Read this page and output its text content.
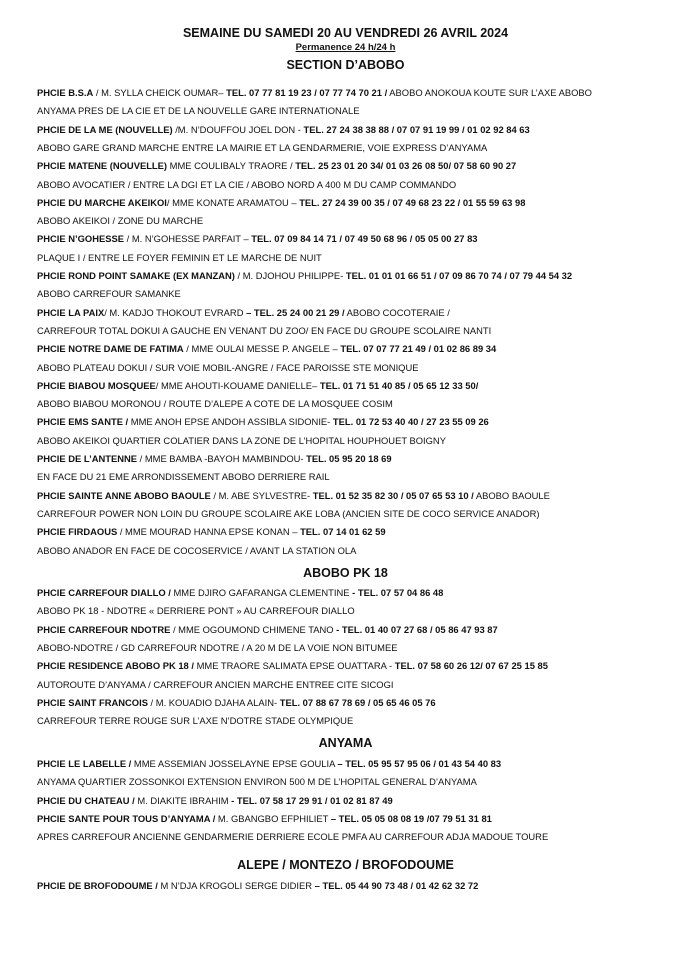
SEMAINE DU SAMEDI 20 AU VENDREDI 26 AVRIL 2024
Permanence 24 h/24 h
SECTION D’ABOBO
PHCIE B.S.A / M. SYLLA CHEICK OUMAR– TEL. 07 77 81 19 23 / 07 77 74 70 21 / ABOBO ANOKOUA KOUTE SUR L’AXE ABOBO
ANYAMA PRES DE LA CIE ET DE LA NOUVELLE GARE INTERNATIONALE
PHCIE DE LA ME (NOUVELLE) /M. N’DOUFFOU JOEL DON - TEL. 27 24 38 38 88 / 07 07 91 19 99 / 01 02 92 84 63
ABOBO GARE GRAND MARCHE ENTRE LA MAIRIE ET LA GENDARMERIE, VOIE EXPRESS D’ANYAMA
PHCIE MATENE (NOUVELLE) MME COULIBALY TRAORE / TEL. 25 23 01 20 34/ 01 03 26 08 50/ 07 58 60 90 27
ABOBO AVOCATIER / ENTRE LA DGI ET LA CIE / ABOBO NORD A 400 M DU CAMP COMMANDO
PHCIE DU MARCHE AKEIKOI/ MME KONATE ARAMATOU – TEL. 27 24 39 00 35 / 07 49 68 23 22 / 01 55 59 63 98
ABOBO AKEIKOI / ZONE DU MARCHE
PHCIE N’GOHESSE / M. N’GOHESSE PARFAIT – TEL. 07 09 84 14 71 / 07 49 50 68 96 / 05 05 00 27 83
PLAQUE I / ENTRE LE FOYER FEMININ ET LE MARCHE DE NUIT
PHCIE ROND POINT SAMAKE (EX MANZAN) / M. DJOHOU PHILIPPE- TEL. 01 01 01 66 51 / 07 09 86 70 74 / 07 79 44 54 32
ABOBO CARREFOUR SAMANKE
PHCIE LA PAIX/ M. KADJO THOKOUT EVRARD – TEL. 25 24 00 21 29 / ABOBO COCOTERAIE /
CARREFOUR TOTAL DOKUI A GAUCHE EN VENANT DU ZOO/ EN FACE DU GROUPE SCOLAIRE NANTI
PHCIE NOTRE DAME DE FATIMA / MME OULAI MESSE P. ANGELE – TEL. 07 07 77 21 49 / 01 02 86 89 34
ABOBO PLATEAU DOKUI / SUR VOIE MOBIL-ANGRE / FACE PAROISSE STE MONIQUE
PHCIE BIABOU MOSQUEE/ MME AHOUTI-KOUAME DANIELLE– TEL. 01 71 51 40 85 / 05 65 12 33 50/
ABOBO BIABOU MORONOU / ROUTE D’ALEPE A COTE DE LA MOSQUEE COSIM
PHCIE EMS SANTE / MME ANOH EPSE ANDOH ASSIBLA SIDONIE- TEL. 01 72 53 40 40 / 27 23 55 09 26
ABOBO AKEIKOI QUARTIER COLATIER DANS LA ZONE DE L’HOPITAL HOUPHOUET BOIGNY
PHCIE DE L’ANTENNE / MME BAMBA -BAYOH MAMBINDOU- TEL. 05 95 20 18 69
EN FACE DU 21 EME ARRONDISSEMENT ABOBO DERRIERE RAIL
PHCIE SAINTE ANNE ABOBO BAOULE / M. ABE SYLVESTRE- TEL. 01 52 35 82 30 / 05 07 65 53 10 / ABOBO BAOULE
CARREFOUR POWER NON LOIN DU GROUPE SCOLAIRE AKE LOBA (ANCIEN SITE DE COCO SERVICE ANADOR)
PHCIE FIRDAOUS / MME MOURAD HANNA EPSE KONAN – TEL. 07 14 01 62 59
ABOBO ANADOR EN FACE DE COCOSERVICE / AVANT LA STATION OLA
ABOBO PK 18
PHCIE CARREFOUR DIALLO / MME DJIRO GAFARANGA CLEMENTINE - TEL. 07 57 04 86 48
ABOBO PK 18 - NDOTRE « DERRIERE PONT » AU CARREFOUR DIALLO
PHCIE CARREFOUR NDOTRE / MME OGOUMOND CHIMENE TANO - TEL. 01 40 07 27 68 / 05 86 47 93 87
ABOBO-NDOTRE / GD CARREFOUR NDOTRE / A 20 M DE LA VOIE NON BITUMEE
PHCIE RESIDENCE ABOBO PK 18 / MME TRAORE SALIMATA EPSE OUATTARA - TEL. 07 58 60 26 12/ 07 67 25 15 85
AUTOROUTE D’ANYAMA / CARREFOUR ANCIEN MARCHE ENTREE CITE SICOGI
PHCIE SAINT FRANCOIS / M. KOUADIO DJAHA ALAIN- TEL. 07 88 67 78 69 / 05 65 46 05 76
CARREFOUR TERRE ROUGE SUR L’AXE N’DOTRE STADE OLYMPIQUE
ANYAMA
PHCIE LE LABELLE / MME ASSEMIAN JOSSELAYNE EPSE GOULIA – TEL. 05 95 57 95 06 / 01 43 54 40 83
ANYAMA QUARTIER ZOSSONKOI EXTENSION ENVIRON 500 M DE L’HOPITAL GENERAL D’ANYAMA
PHCIE DU CHATEAU / M. DIAKITE IBRAHIM - TEL. 07 58 17 29 91 / 01 02 81 87 49
PHCIE SANTE POUR TOUS D’ANYAMA / M. GBANGBO EFPHILIET – TEL. 05 05 08 08 19 /07 79 51 31 81
APRES CARREFOUR ANCIENNE GENDARMERIE DERRIERE ECOLE PMFA AU CARREFOUR ADJA MADOUE TOURE
ALEPE / MONTEZO / BROFODOUME
PHCIE DE BROFODOUME / M N’DJA KROGOLI SERGE DIDIER – TEL. 05 44 90 73 48 / 01 42 62 32 72
